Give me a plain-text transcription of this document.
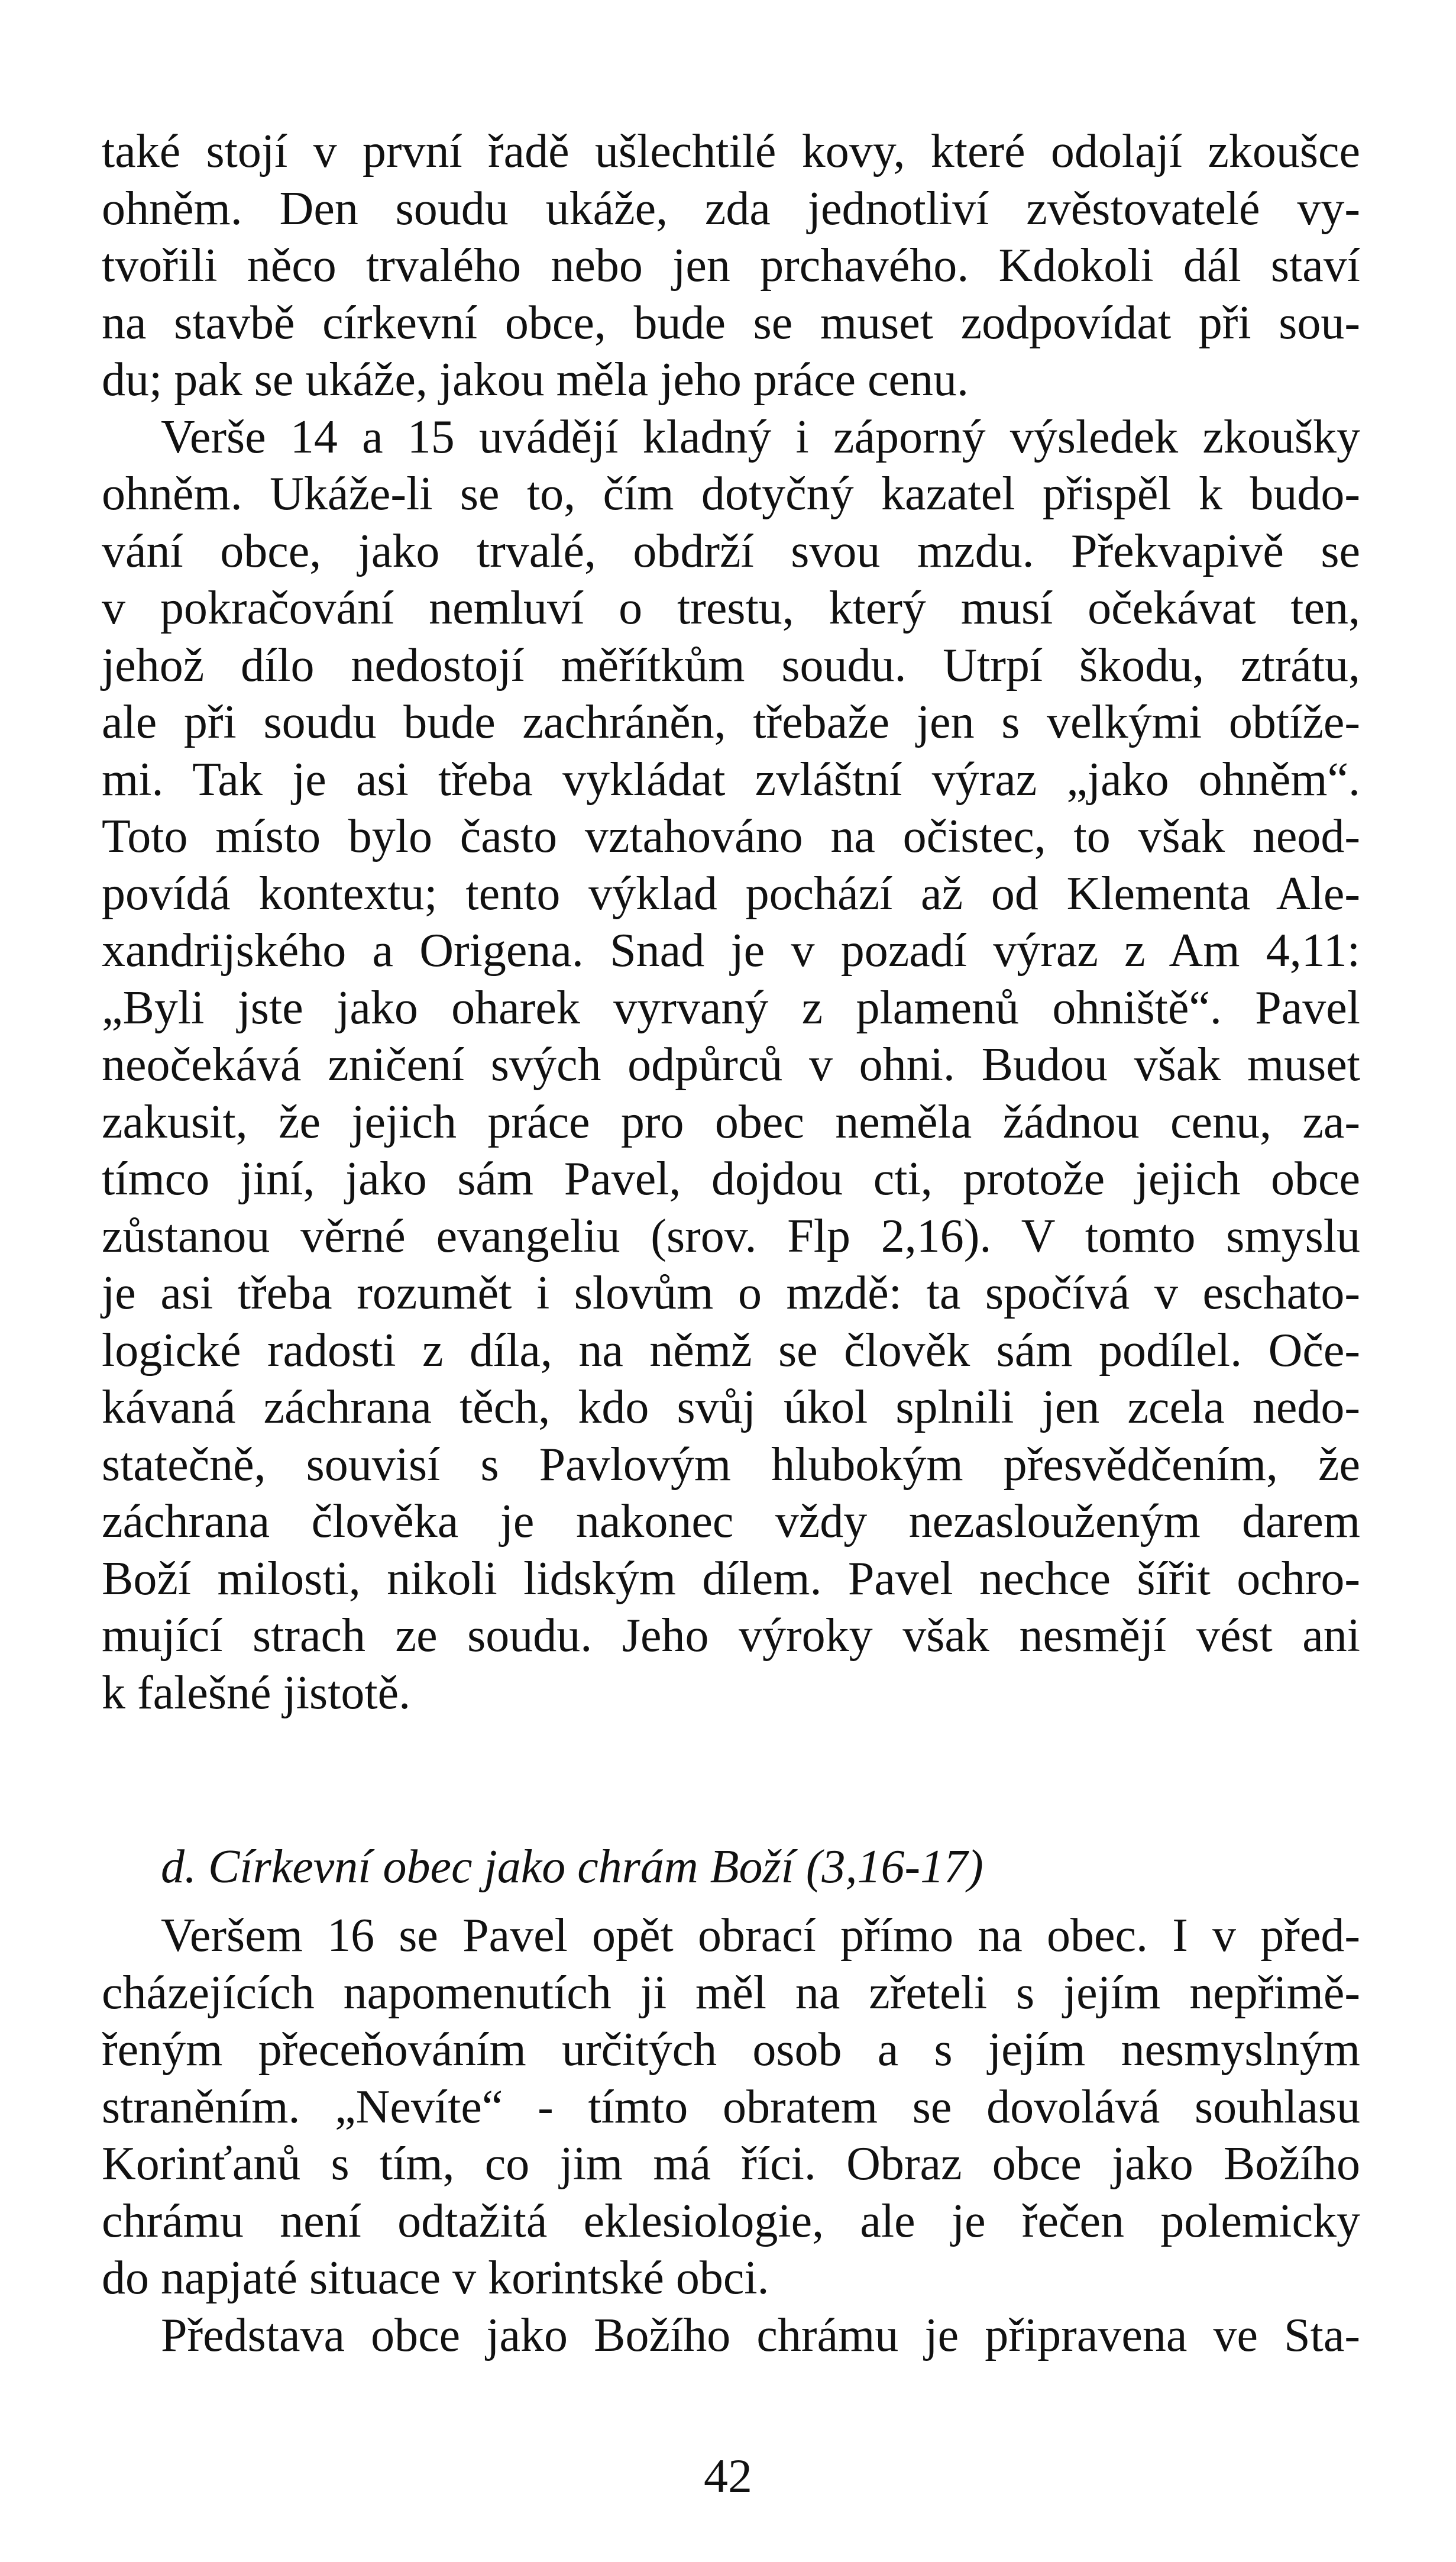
také stojí v první řadě ušlechtilé kovy, které odolají zkoušce
ohněm. Den soudu ukáže, zda jednotliví zvěstovatelé vy-
tvořili něco trvalého nebo jen prchavého. Kdokoli dál staví
na stavbě církevní obce, bude se muset zodpovídat při sou-
du; pak se ukáže, jakou měla jeho práce cenu.
Verše 14 a 15 uvádějí kladný i záporný výsledek zkoušky
ohněm. Ukáže-li se to, čím dotyčný kazatel přispěl k budo-
vání obce, jako trvalé, obdrží svou mzdu. Překvapivě se
v pokračování nemluví o trestu, který musí očekávat ten,
jehož dílo nedostojí měřítkům soudu. Utrpí škodu, ztrátu,
ale při soudu bude zachráněn, třebaže jen s velkými obtíže-
mi. Tak je asi třeba vykládat zvláštní výraz „jako ohněm“.
Toto místo bylo často vztahováno na očistec, to však neod-
povídá kontextu; tento výklad pochází až od Klementa Ale-
xandrijského a Origena. Snad je v pozadí výraz z Am 4,11:
„Byli jste jako oharek vyrvaný z plamenů ohniště“. Pavel
neočekává zničení svých odpůrců v ohni. Budou však muset
zakusit, že jejich práce pro obec neměla žádnou cenu, za-
tímco jiní, jako sám Pavel, dojdou cti, protože jejich obce
zůstanou věrné evangeliu (srov. Flp 2,16). V tomto smyslu
je asi třeba rozumět i slovům o mzdě: ta spočívá v eschato-
logické radosti z díla, na němž se člověk sám podílel. Oče-
kávaná záchrana těch, kdo svůj úkol splnili jen zcela nedo-
statečně, souvisí s Pavlovým hlubokým přesvědčením, že
záchrana člověka je nakonec vždy nezaslouženým darem
Boží milosti, nikoli lidským dílem. Pavel nechce šířit ochro-
mující strach ze soudu. Jeho výroky však nesmějí vést ani
k falešné jistotě.
d. Církevní obec jako chrám Boží (3,16-17)
Veršem 16 se Pavel opět obrací přímo na obec. I v před-
cházejících napomenutích ji měl na zřeteli s jejím nepřimě-
řeným přeceňováním určitých osob a s jejím nesmyslným
straněním. „Nevíte“ - tímto obratem se dovolává souhlasu
Korinťanů s tím, co jim má říci. Obraz obce jako Božího
chrámu není odtažitá eklesiologie, ale je řečen polemicky
do napjaté situace v korintské obci.
Představa obce jako Božího chrámu je připravena ve Sta-
42
